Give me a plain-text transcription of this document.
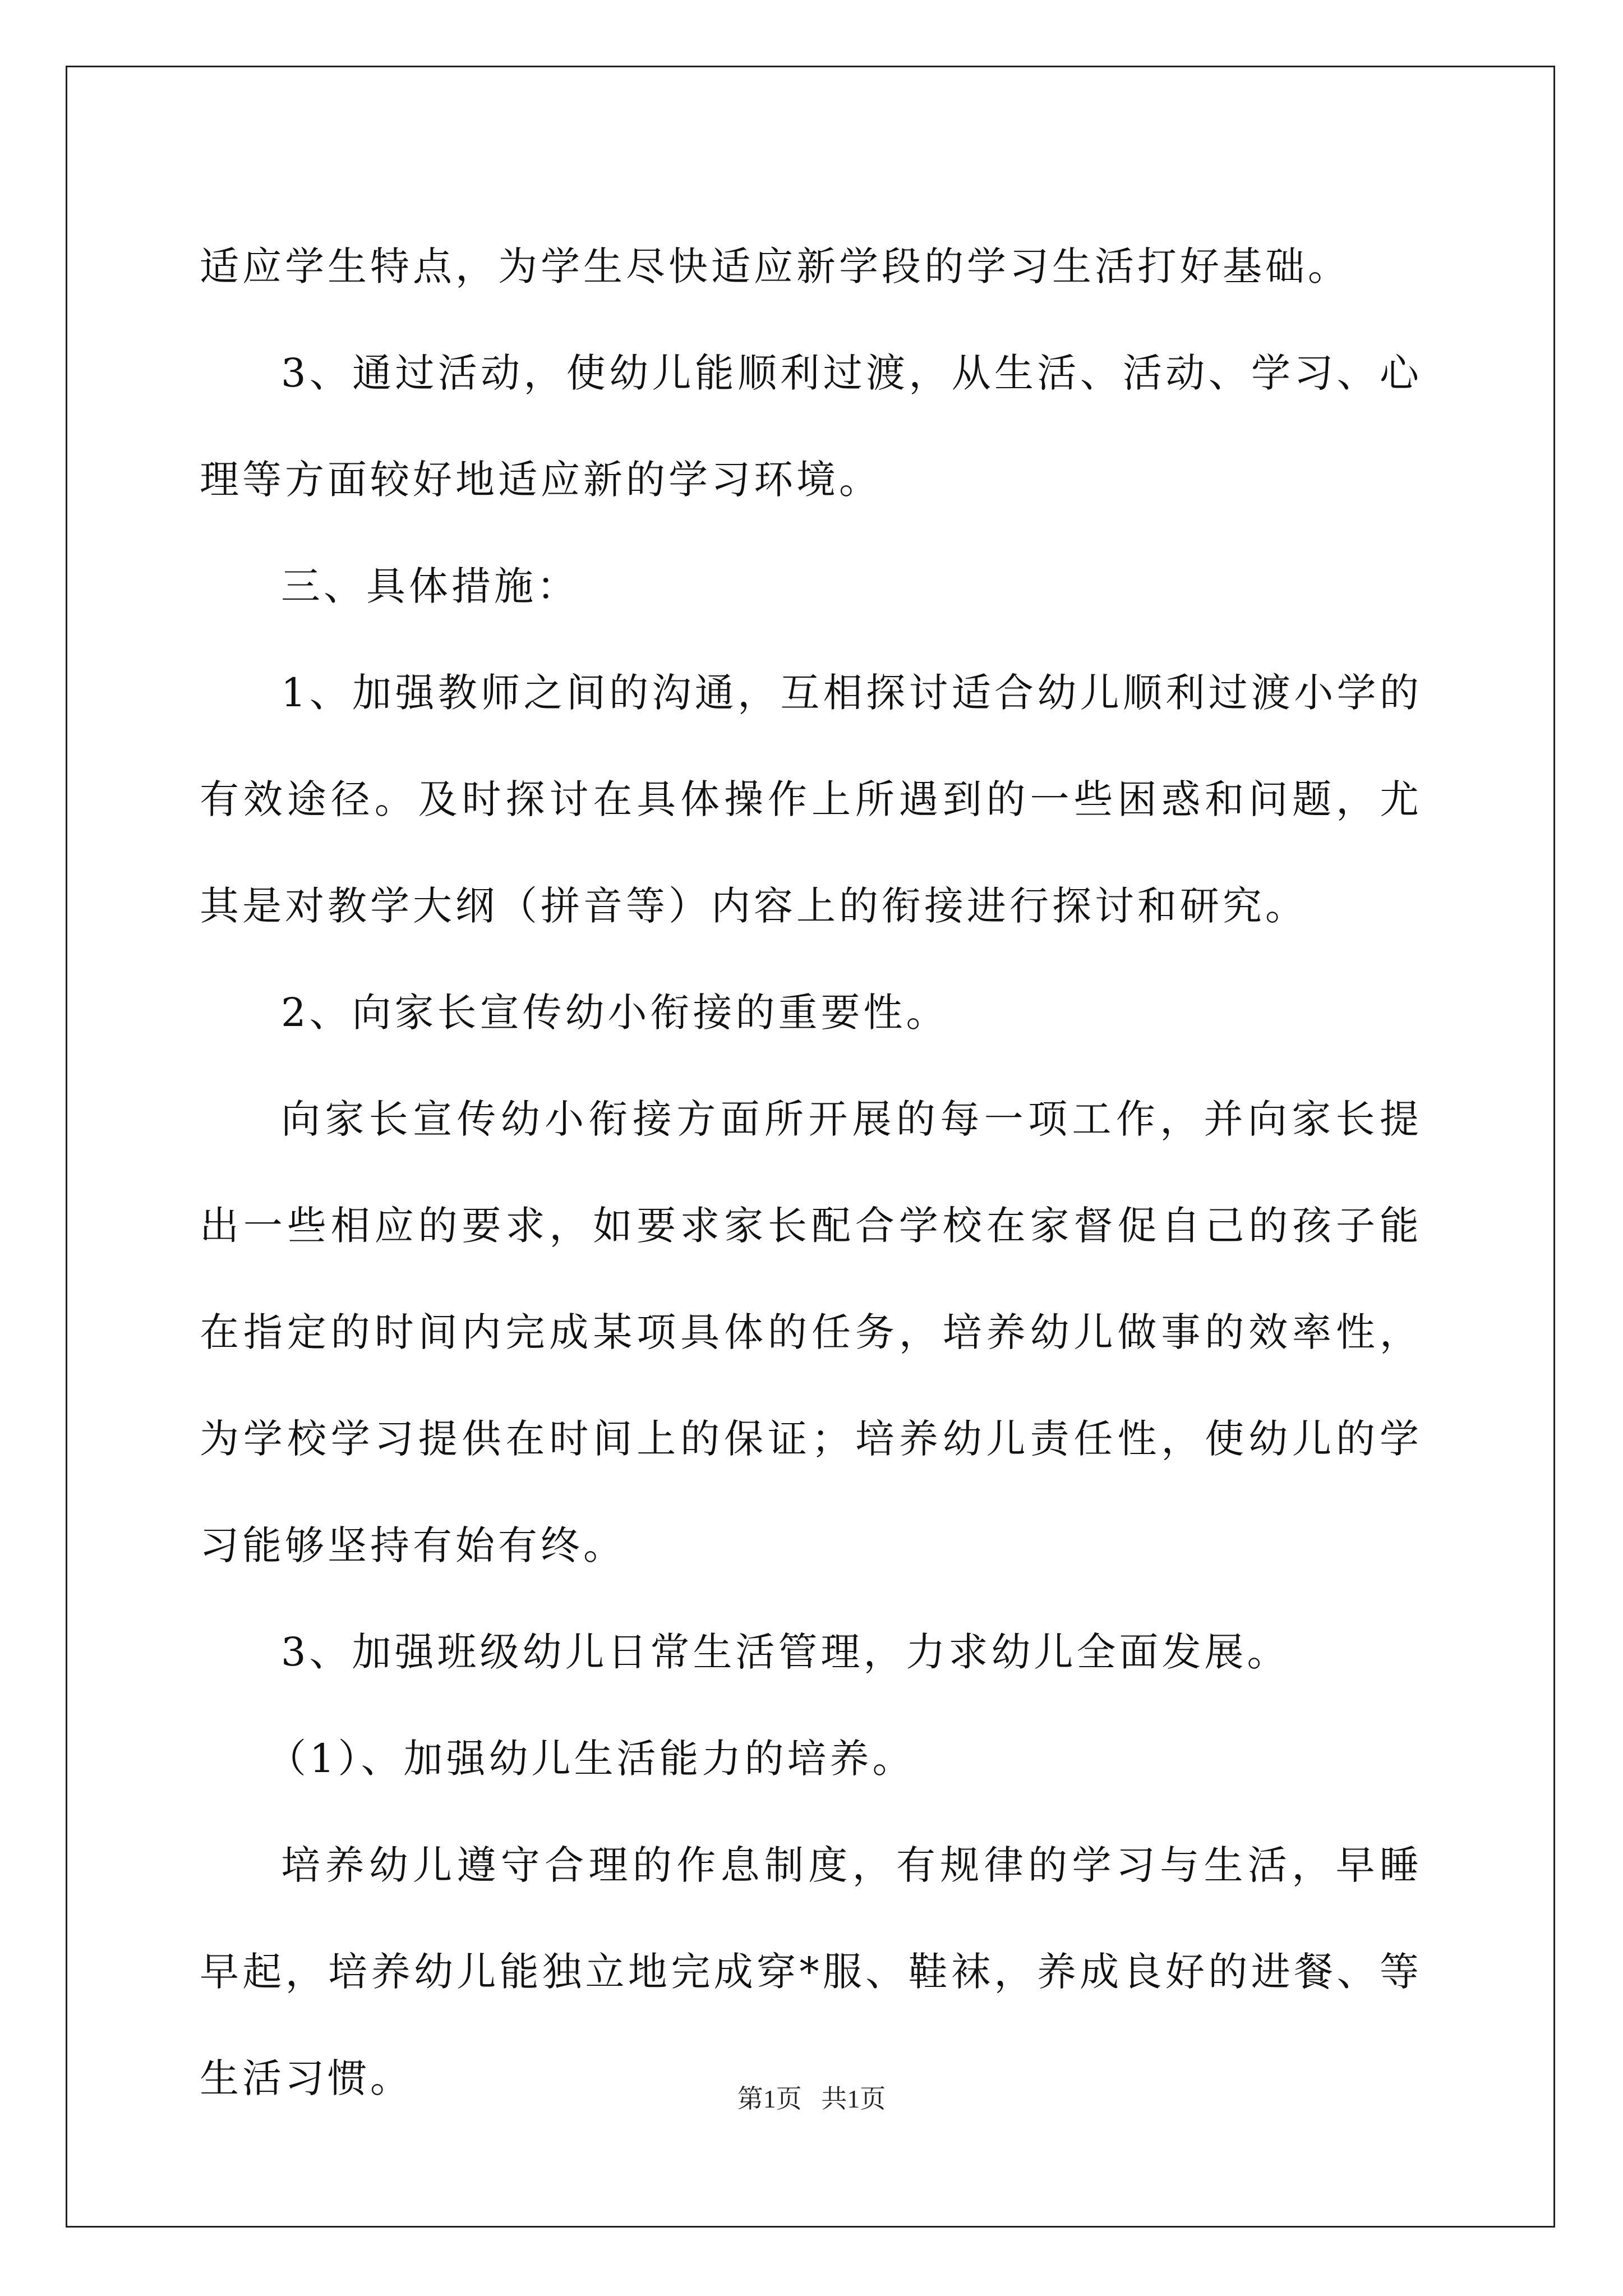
适应学生特点，为学生尽快适应新学段的学习生活打好基础。

3、通过活动，使幼儿能顺利过渡，从生活、活动、学习、心理等方面较好地适应新的学习环境。

三、具体措施：

1、加强教师之间的沟通，互相探讨适合幼儿顺利过渡小学的有效途径。及时探讨在具体操作上所遇到的一些困惑和问题，尤其是对教学大纲（拼音等）内容上的衔接进行探讨和研究。

2、向家长宣传幼小衔接的重要性。

向家长宣传幼小衔接方面所开展的每一项工作，并向家长提出一些相应的要求，如要求家长配合学校在家督促自己的孩子能在指定的时间内完成某项具体的任务，培养幼儿做事的效率性，为学校学习提供在时间上的保证；培养幼儿责任性，使幼儿的学习能够坚持有始有终。

3、加强班级幼儿日常生活管理，力求幼儿全面发展。

（1）、加强幼儿生活能力的培养。

培养幼儿遵守合理的作息制度，有规律的学习与生活，早睡早起，培养幼儿能独立地完成穿*服、鞋袜，养成良好的进餐、等生活习惯。	第1页 共1页
